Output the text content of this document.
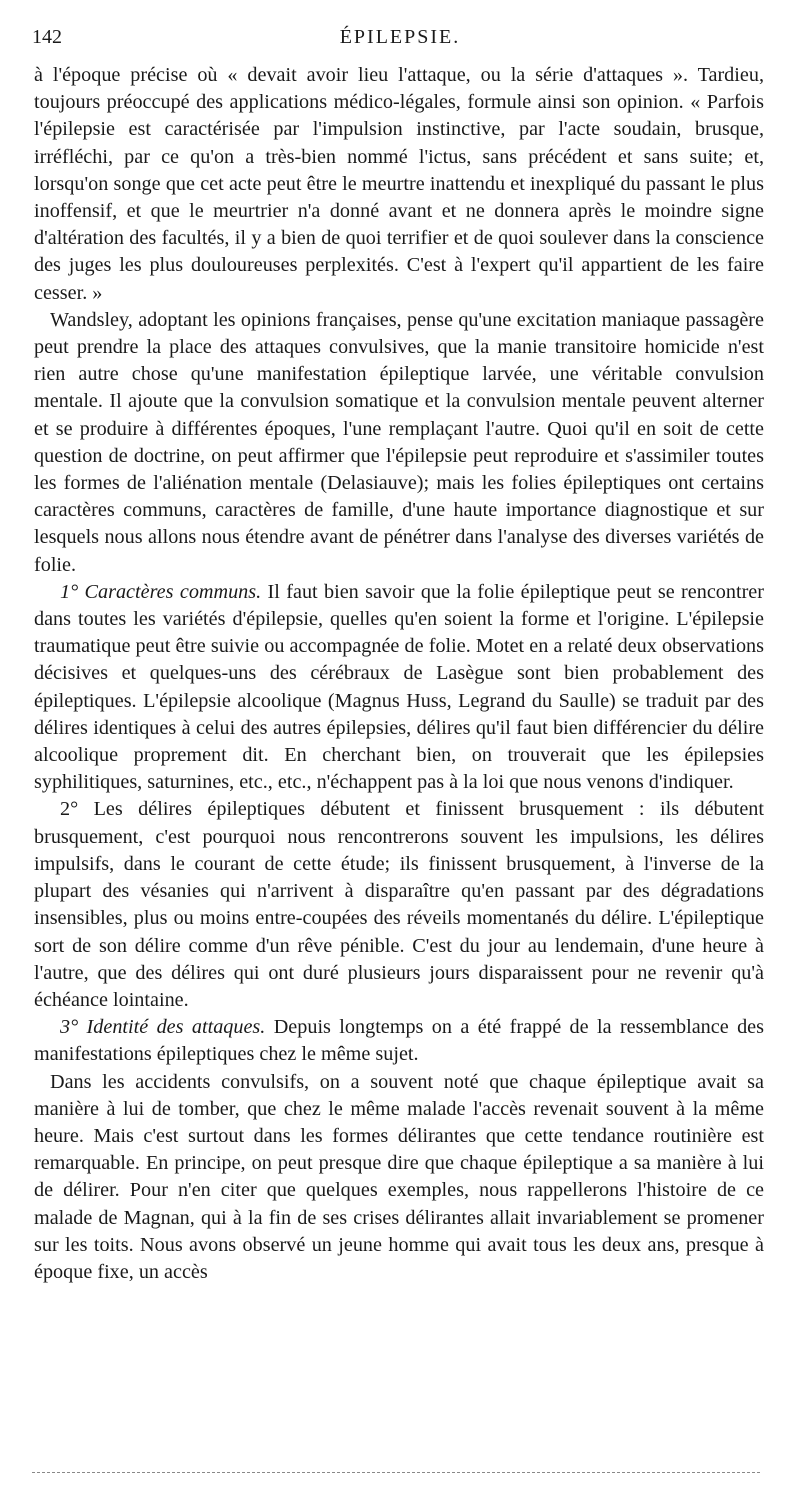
142	ÉPILEPSIE.

à l'époque précise où « devait avoir lieu l'attaque, ou la série d'attaques ». Tardieu, toujours préoccupé des applications médico-légales, formule ainsi son opinion. « Parfois l'épilepsie est caractérisée par l'impulsion instinctive, par l'acte soudain, brusque, irréfléchi, par ce qu'on a très-bien nommé l'ictus, sans précédent et sans suite; et, lorsqu'on songe que cet acte peut être le meurtre inattendu et inexpliqué du passant le plus inoffensif, et que le meurtrier n'a donné avant et ne donnera après le moindre signe d'altération des facultés, il y a bien de quoi terrifier et de quoi soulever dans la conscience des juges les plus douloureuses perplexités. C'est à l'expert qu'il appartient de les faire cesser. »

Wandsley, adoptant les opinions françaises, pense qu'une excitation maniaque passagère peut prendre la place des attaques convulsives, que la manie transitoire homicide n'est rien autre chose qu'une manifestation épileptique larvée, une véritable convulsion mentale. Il ajoute que la convulsion somatique et la convulsion mentale peuvent alterner et se produire à différentes époques, l'une remplaçant l'autre. Quoi qu'il en soit de cette question de doctrine, on peut affirmer que l'épilepsie peut reproduire et s'assimiler toutes les formes de l'aliénation mentale (Delasiauve); mais les folies épileptiques ont certains caractères communs, caractères de famille, d'une haute importance diagnostique et sur lesquels nous allons nous étendre avant de pénétrer dans l'analyse des diverses variétés de folie.

1° Caractères communs. Il faut bien savoir que la folie épileptique peut se rencontrer dans toutes les variétés d'épilepsie, quelles qu'en soient la forme et l'origine. L'épilepsie traumatique peut être suivie ou accompagnée de folie. Motet en a relaté deux observations décisives et quelques-uns des cérébraux de Lasègue sont bien probablement des épileptiques. L'épilepsie alcoolique (Magnus Huss, Legrand du Saulle) se traduit par des délires identiques à celui des autres épilepsies, délires qu'il faut bien différencier du délire alcoolique proprement dit. En cherchant bien, on trouverait que les épilepsies syphilitiques, saturnines, etc., etc., n'échappent pas à la loi que nous venons d'indiquer.

2° Les délires épileptiques débutent et finissent brusquement : ils débutent brusquement, c'est pourquoi nous rencontrerons souvent les impulsions, les délires impulsifs, dans le courant de cette étude; ils finissent brusquement, à l'inverse de la plupart des vésanies qui n'arrivent à disparaître qu'en passant par des dégradations insensibles, plus ou moins entre-coupées des réveils momentanés du délire. L'épileptique sort de son délire comme d'un rêve pénible. C'est du jour au lendemain, d'une heure à l'autre, que des délires qui ont duré plusieurs jours disparaissent pour ne revenir qu'à échéance lointaine.

3° Identité des attaques. Depuis longtemps on a été frappé de la ressemblance des manifestations épileptiques chez le même sujet.

Dans les accidents convulsifs, on a souvent noté que chaque épileptique avait sa manière à lui de tomber, que chez le même malade l'accès revenait souvent à la même heure. Mais c'est surtout dans les formes délirantes que cette tendance routinière est remarquable. En principe, on peut presque dire que chaque épileptique a sa manière à lui de délirer. Pour n'en citer que quelques exemples, nous rappellerons l'histoire de ce malade de Magnan, qui à la fin de ses crises délirantes allait invariablement se promener sur les toits. Nous avons observé un jeune homme qui avait tous les deux ans, presque à époque fixe, un accès
